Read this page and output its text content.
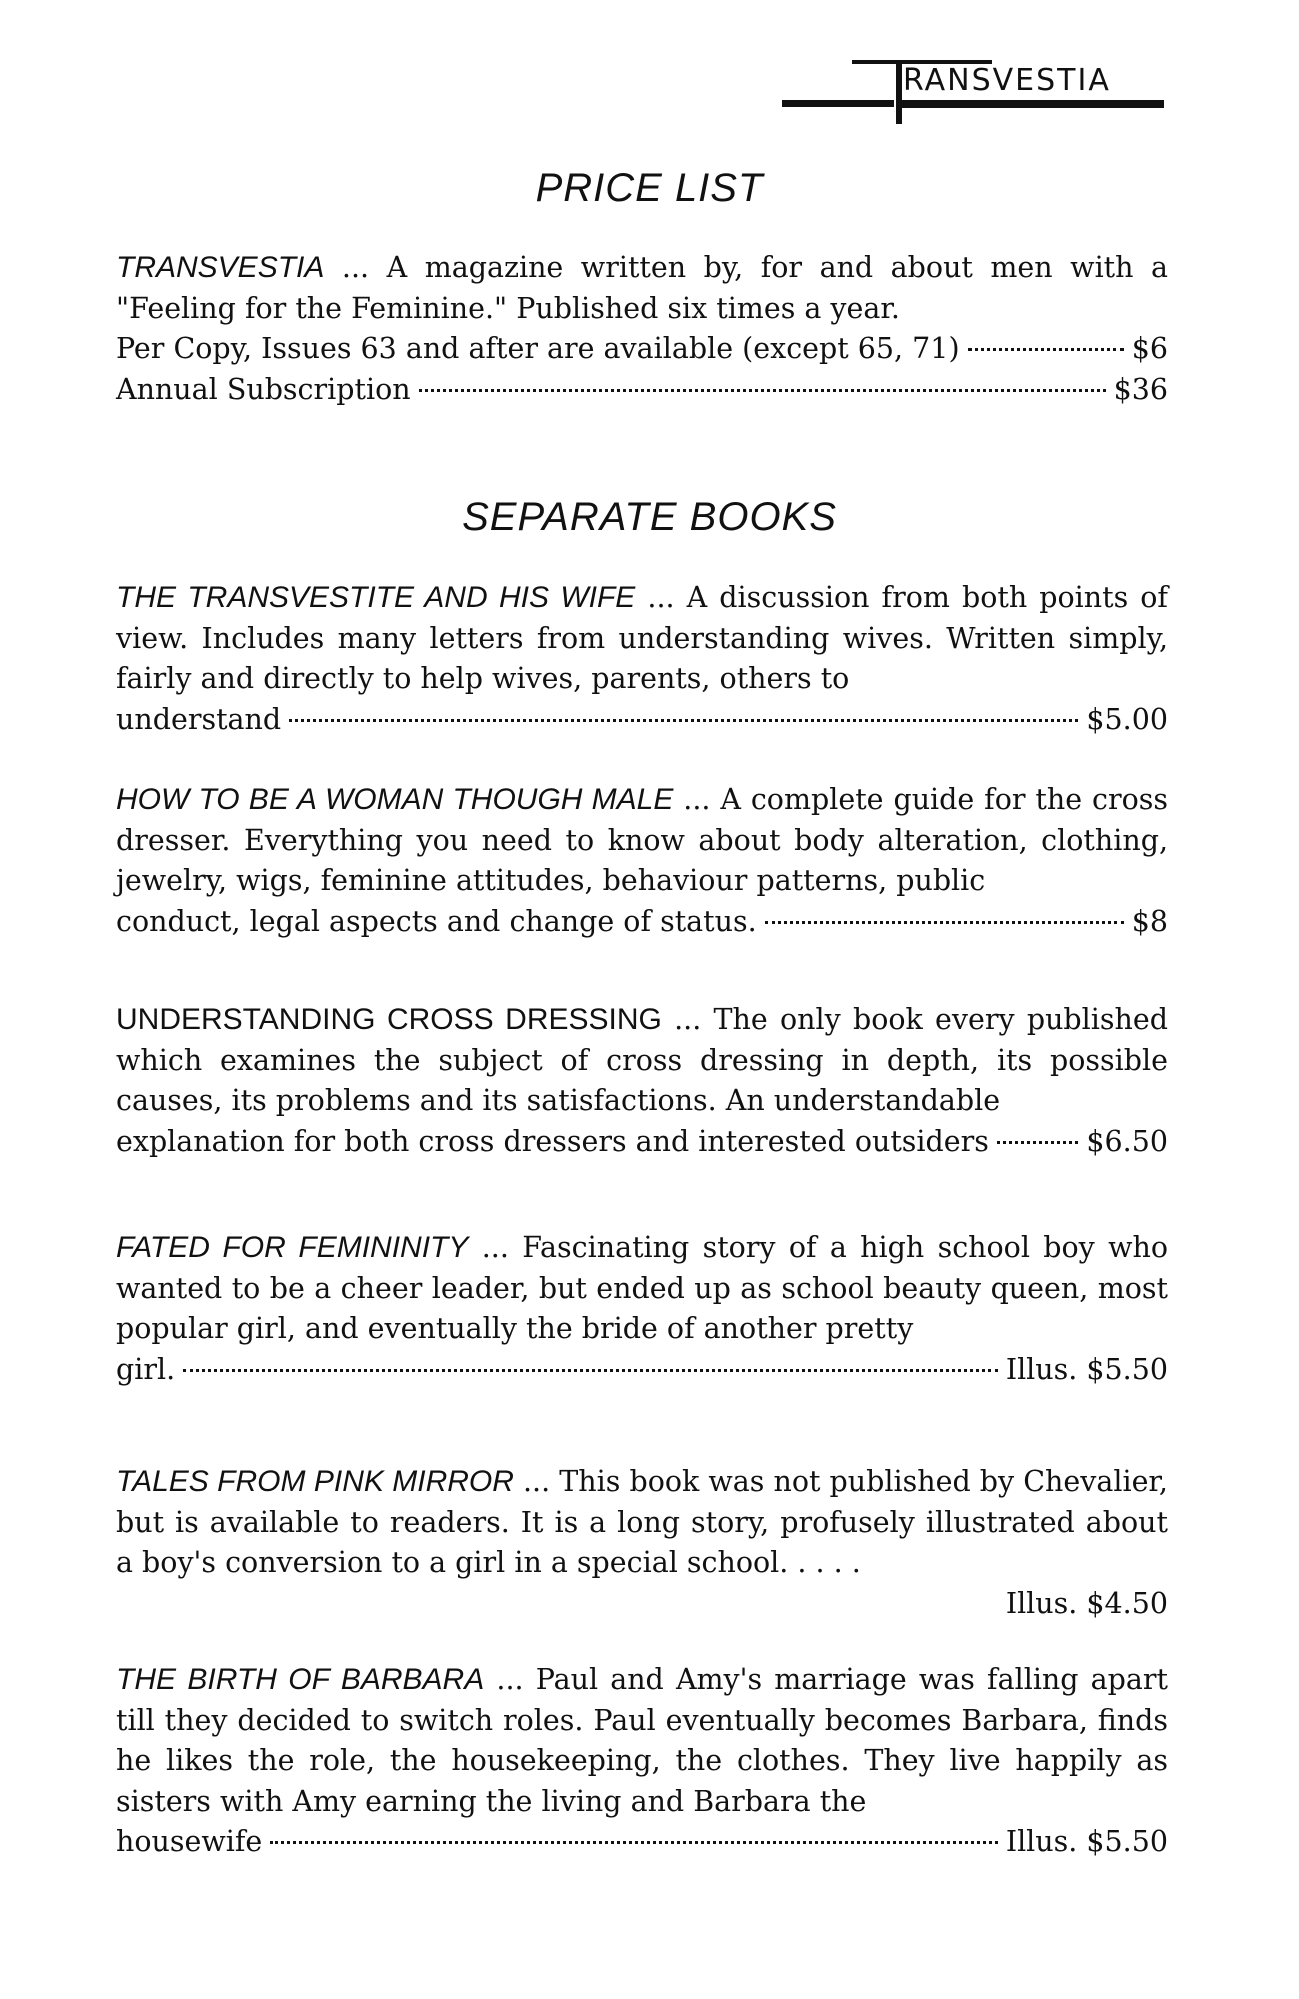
RANSVESTIA
PRICE LIST

TRANSVESTIA ... A magazine written by, for and about men with a "Feeling for the Feminine." Published six times a year.

Per Copy, Issues 63 and after are available (except 65, 71)	$6
Annual Subscription	$36
SEPARATE BOOKS

THE TRANSVESTITE AND HIS WIFE ... A discussion from both points of view. Includes many letters from understanding wives. Written simply, fairly and directly to help wives, parents, others to

understand	$5.00

HOW TO BE A WOMAN THOUGH MALE ... A complete guide for the cross dresser. Everything you need to know about body alteration, clothing, jewelry, wigs, feminine attitudes, behaviour patterns, public

conduct, legal aspects and change of status.	$8

UNDERSTANDING CROSS DRESSING ... The only book every published which examines the subject of cross dressing in depth, its possible causes, its problems and its satisfactions. An understandable

explanation for both cross dressers and interested outsiders	$6.50

FATED FOR FEMININITY ... Fascinating story of a high school boy who wanted to be a cheer leader, but ended up as school beauty queen, most popular girl, and eventually the bride of another pretty

girl.	Illus. $5.50

TALES FROM PINK MIRROR ... This book was not published by Chevalier, but is available to readers. It is a long story, profusely illustrated about a boy's conversion to a girl in a special school. . . . .

Illus. $4.50

THE BIRTH OF BARBARA ... Paul and Amy's marriage was falling apart till they decided to switch roles. Paul eventually becomes Barbara, finds he likes the role, the housekeeping, the clothes. They live happily as sisters with Amy earning the living and Barbara the

housewife	Illus. $5.50
